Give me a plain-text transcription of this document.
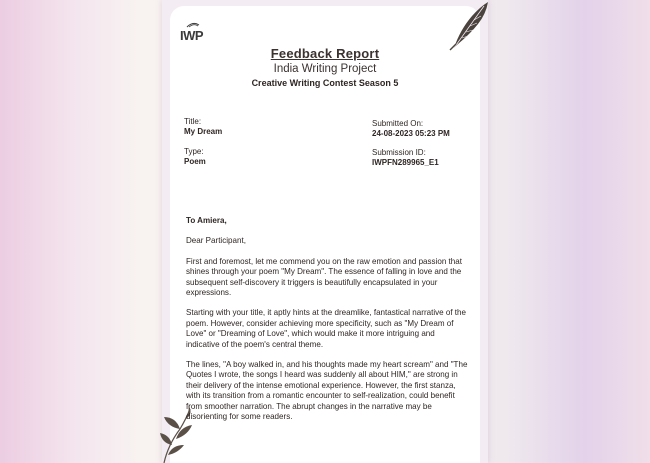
IWP
Feedback Report
India Writing Project
Creative Writing Contest Season 5
Title:
My Dream
Type:
Poem
Submitted On:
24-08-2023 05:23 PM
Submission ID:
IWPFN289965_E1

To Amiera,

Dear Participant,

First and foremost, let me commend you on the raw emotion and passion that shines through your poem "My Dream". The essence of falling in love and the subsequent self-discovery it triggers is beautifully encapsulated in your expressions.

Starting with your title, it aptly hints at the dreamlike, fantastical narrative of the poem. However, consider achieving more specificity, such as "My Dream of Love" or "Dreaming of Love", which would make it more intriguing and indicative of the poem's central theme.

The lines, "A boy walked in, and his thoughts made my heart scream" and "The Quotes I wrote, the songs I heard was suddenly all about HIM," are strong in their delivery of the intense emotional experience. However, the first stanza, with its transition from a romantic encounter to self-realization, could benefit from smoother narration. The abrupt changes in the narrative may be disorienting for some readers.
